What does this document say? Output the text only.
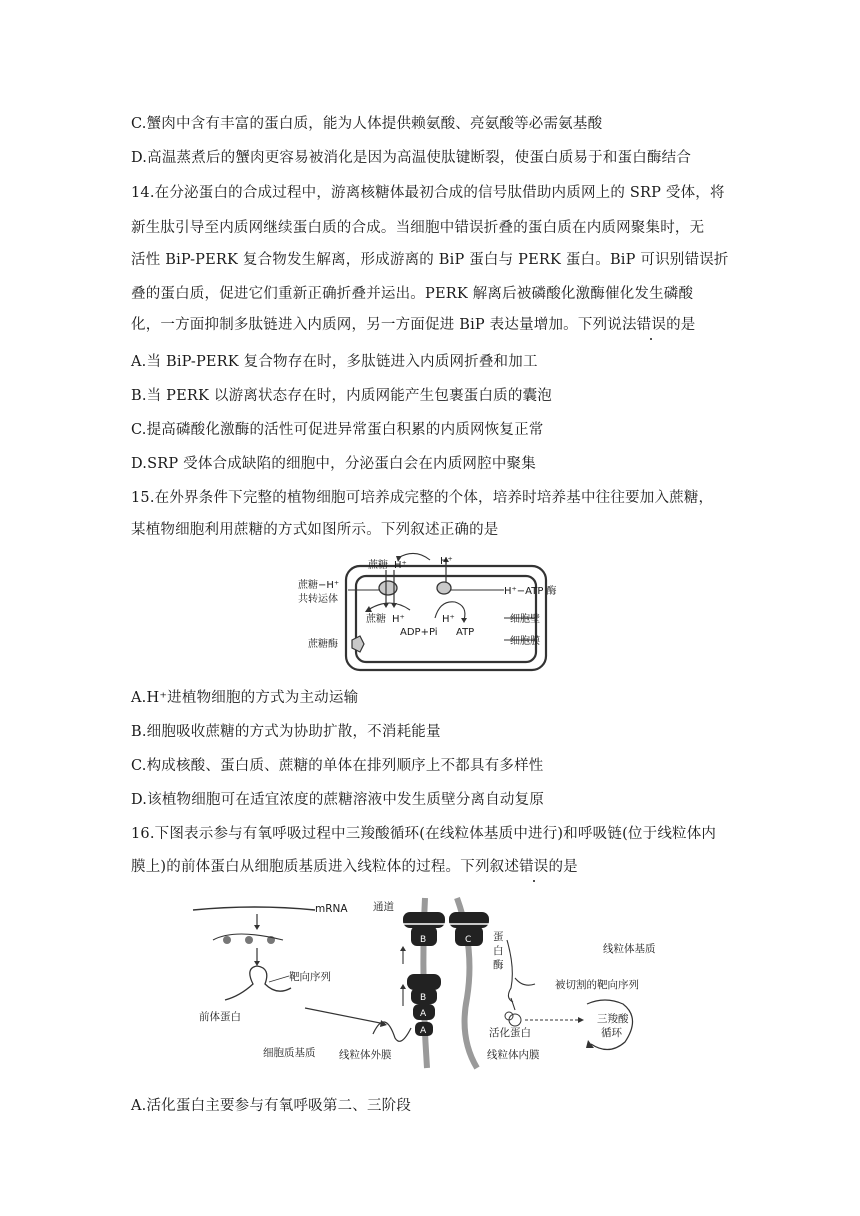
C.蟹肉中含有丰富的蛋白质，能为人体提供赖氨酸、亮氨酸等必需氨基酸
D.高温蒸煮后的蟹肉更容易被消化是因为高温使肽键断裂，使蛋白质易于和蛋白酶结合
14.在分泌蛋白的合成过程中，游离核糖体最初合成的信号肽借助内质网上的 SRP 受体，将
新生肽引导至内质网继续蛋白质的合成。当细胞中错误折叠的蛋白质在内质网聚集时，无
活性 BiP-PERK 复合物发生解离，形成游离的 BiP 蛋白与 PERK 蛋白。BiP 可识别错误折
叠的蛋白质，促进它们重新正确折叠并运出。PERK 解离后被磷酸化激酶催化发生磷酸
化，一方面抑制多肽链进入内质网，另一方面促进 BiP 表达量增加。下列说法错误的是
A.当 BiP-PERK 复合物存在时，多肽链进入内质网折叠和加工
B.当 PERK 以游离状态存在时，内质网能产生包裹蛋白质的囊泡
C.提高磷酸化激酶的活性可促进异常蛋白积累的内质网恢复正常
D.SRP 受体合成缺陷的细胞中，分泌蛋白会在内质网腔中聚集
15.在外界条件下完整的植物细胞可培养成完整的个体，培养时培养基中往往要加入蔗糖，
某植物细胞利用蔗糖的方式如图所示。下列叙述正确的是
蔗糖 H⁺	H⁺
蔗糖−H⁺
共转运体
H⁺−ATP 酶
蔗糖 H⁺	H⁺
ADP+Pi ATP
细胞壁
细胞膜
蔗糖酶
A.H⁺进植物细胞的方式为主动运输
B.细胞吸收蔗糖的方式为协助扩散，不消耗能量
C.构成核酸、蛋白质、蔗糖的单体在排列顺序上不都具有多样性
D.该植物细胞可在适宜浓度的蔗糖溶液中发生质壁分离自动复原
16.下图表示参与有氧呼吸过程中三羧酸循环(在线粒体基质中进行)和呼吸链(位于线粒体内
膜上)的前体蛋白从细胞质基质进入线粒体的过程。下列叙述错误的是
mRNA 通道
靶向序列
前体蛋白
细胞质基质 线粒体外膜	线粒体内膜
蛋
白
酶
线粒体基质
被切割的靶向序列
活化蛋白
三羧酸
循环
B	C
B
A
A
A.活化蛋白主要参与有氧呼吸第二、三阶段
